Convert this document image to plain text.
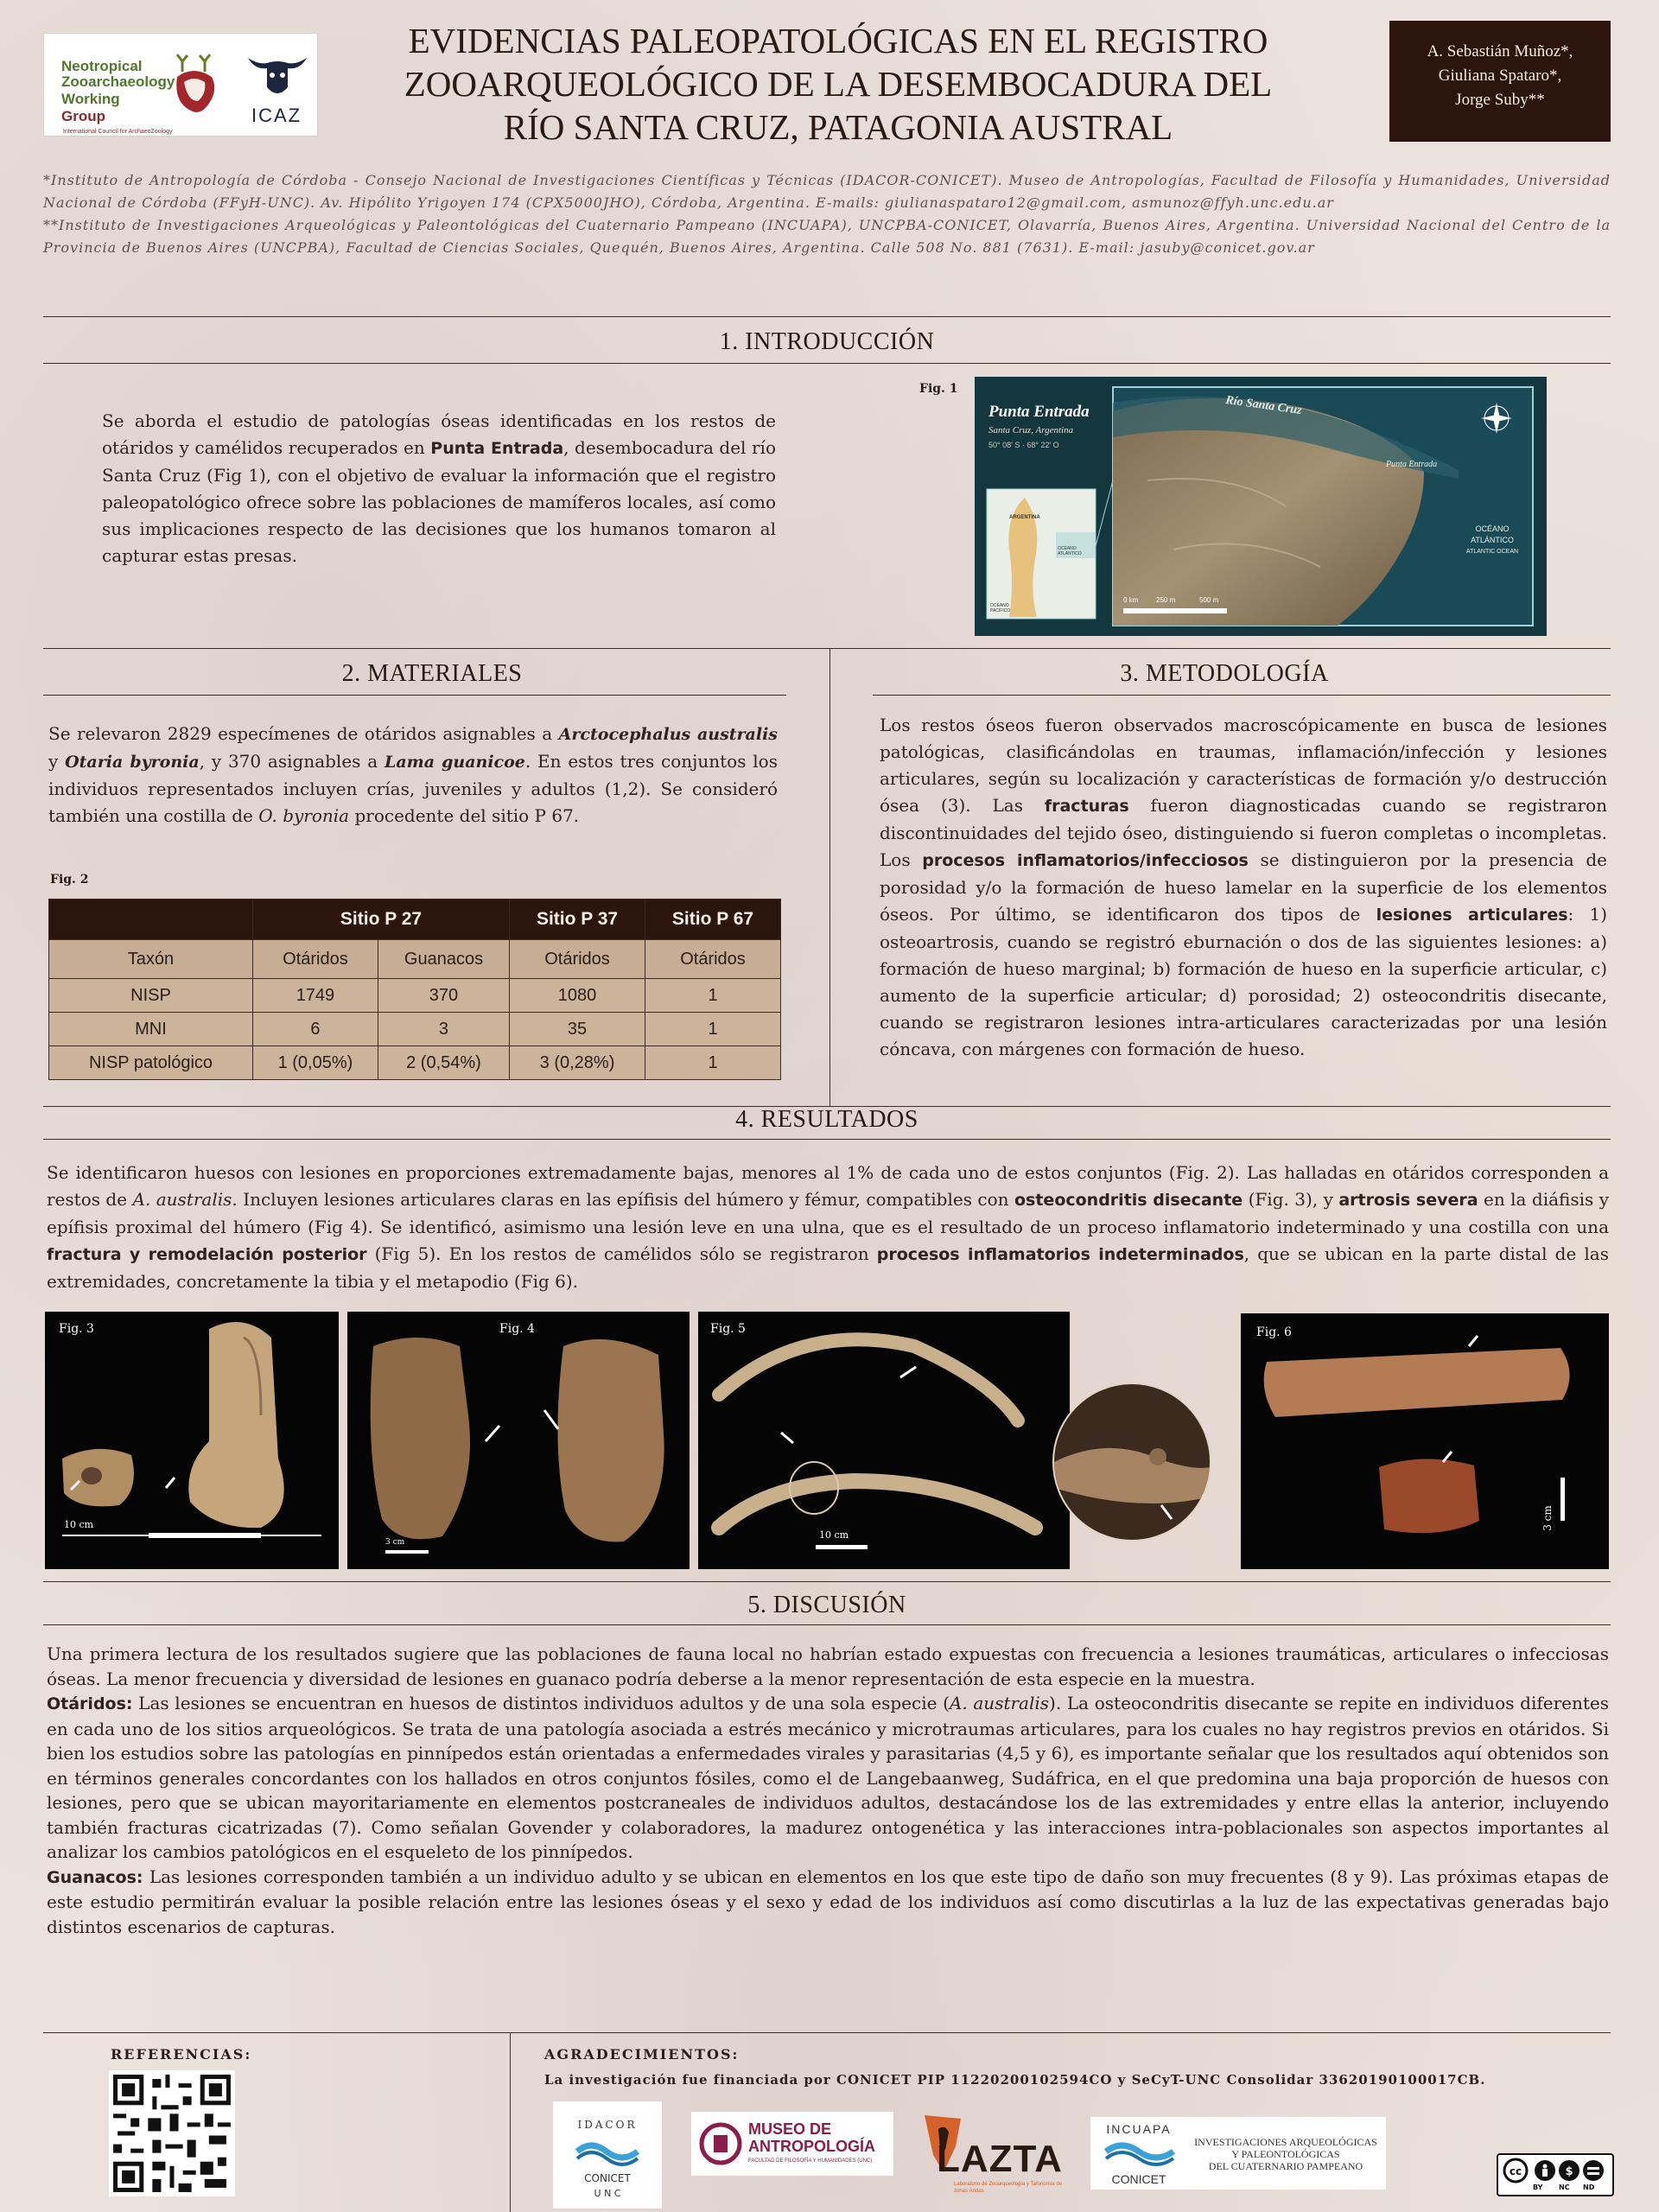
Neotropical
Zooarchaeology
Working
Group
International Council for ArchaeoZoology
ICAZ
EVIDENCIAS PALEOPATOLÓGICAS EN EL REGISTRO
ZOOARQUEOLÓGICO DE LA DESEMBOCADURA DEL
RÍO SANTA CRUZ, PATAGONIA AUSTRAL
A. Sebastián Muñoz*,
Giuliana Spataro*,
Jorge Suby**
*Instituto de Antropología de Córdoba - Consejo Nacional de Investigaciones Científicas y Técnicas (IDACOR-CONICET). Museo de Antropologías, Facultad de Filosofía y Humanidades, Universidad Nacional de Córdoba (FFyH-UNC). Av. Hipólito Yrigoyen 174 (CPX5000JHO), Córdoba, Argentina. E-mails: giulianaspataro12@gmail.com, asmunoz@ffyh.unc.edu.ar
**Instituto de Investigaciones Arqueológicas y Paleontológicas del Cuaternario Pampeano (INCUAPA), UNCPBA-CONICET, Olavarría, Buenos Aires, Argentina. Universidad Nacional del Centro de la Provincia de Buenos Aires (UNCPBA), Facultad de Ciencias Sociales, Quequén, Buenos Aires, Argentina. Calle 508 No. 881 (7631). E-mail: jasuby@conicet.gov.ar
1. INTRODUCCIÓN
Se aborda el estudio de patologías óseas identificadas en los restos de otáridos y camélidos recuperados en Punta Entrada, desembocadura del río Santa Cruz (Fig 1), con el objetivo de evaluar la información que el registro paleopatológico ofrece sobre las poblaciones de mamíferos locales, así como sus implicaciones respecto de las decisiones que los humanos tomaron al capturar estas presas.
Fig. 1
Punta Entrada
Santa Cruz, Argentina
50° 08' S · 68° 22' O
Río Santa Cruz
Punta Entrada
OCÉANO
ATLÁNTICO
ATLANTIC OCEAN
ARGENTINA
OCÉANO PACÍFICO
OCÉANO ATLÁNTICO
0 km	250 m	500 m
2. MATERIALES
Se relevaron 2829 especímenes de otáridos asignables a Arctocephalus australis y Otaria byronia, y 370 asignables a Lama guanicoe. En estos tres conjuntos los individuos representados incluyen crías, juveniles y adultos (1,2). Se consideró también una costilla de O. byronia procedente del sitio P 67.
Fig. 2
	Sitio P 27		Sitio P 37	Sitio P 67
Taxón	Otáridos	Guanacos	Otáridos	Otáridos
NISP	1749	370	1080	1
MNI	6	3	35	1
NISP patológico	1 (0,05%)	2 (0,54%)	3 (0,28%)	1
3. METODOLOGÍA
Los restos óseos fueron observados macroscópicamente en busca de lesiones patológicas, clasificándolas en traumas, inflamación/infección y lesiones articulares, según su localización y características de formación y/o destrucción ósea (3). Las fracturas fueron diagnosticadas cuando se registraron discontinuidades del tejido óseo, distinguiendo si fueron completas o incompletas. Los procesos inflamatorios/infecciosos se distinguieron por la presencia de porosidad y/o la formación de hueso lamelar en la superficie de los elementos óseos. Por último, se identificaron dos tipos de lesiones articulares: 1) osteoartrosis, cuando se registró eburnación o dos de las siguientes lesiones: a) formación de hueso marginal; b) formación de hueso en la superficie articular, c) aumento de la superficie articular; d) porosidad; 2) osteocondritis disecante, cuando se registraron lesiones intra-articulares caracterizadas por una lesión cóncava, con márgenes con formación de hueso.
4. RESULTADOS
Se identificaron huesos con lesiones en proporciones extremadamente bajas, menores al 1% de cada uno de estos conjuntos (Fig. 2). Las halladas en otáridos corresponden a restos de A. australis. Incluyen lesiones articulares claras en las epífisis del húmero y fémur, compatibles con osteocondritis disecante (Fig. 3), y artrosis severa en la diáfisis y epífisis proximal del húmero (Fig 4). Se identificó, asimismo una lesión leve en una ulna, que es el resultado de un proceso inflamatorio indeterminado y una costilla con una fractura y remodelación posterior (Fig 5). En los restos de camélidos sólo se registraron procesos inflamatorios indeterminados, que se ubican en la parte distal de las extremidades, concretamente la tibia y el metapodio (Fig 6).
Fig. 3
10 cm
Fig. 4
3 cm
Fig. 5
10 cm
Fig. 6
3 cm
5. DISCUSIÓN
Una primera lectura de los resultados sugiere que las poblaciones de fauna local no habrían estado expuestas con frecuencia a lesiones traumáticas, articulares o infecciosas óseas. La menor frecuencia y diversidad de lesiones en guanaco podría deberse a la menor representación de esta especie en la muestra.
Otáridos: Las lesiones se encuentran en huesos de distintos individuos adultos y de una sola especie (A. australis). La osteocondritis disecante se repite en individuos diferentes en cada uno de los sitios arqueológicos. Se trata de una patología asociada a estrés mecánico y microtraumas articulares, para los cuales no hay registros previos en otáridos. Si bien los estudios sobre las patologías en pinnípedos están orientadas a enfermedades virales y parasitarias (4,5 y 6), es importante señalar que los resultados aquí obtenidos son en términos generales concordantes con los hallados en otros conjuntos fósiles, como el de Langebaanweg, Sudáfrica, en el que predomina una baja proporción de huesos con lesiones, pero que se ubican mayoritariamente en elementos postcraneales de individuos adultos, destacándose los de las extremidades y entre ellas la anterior, incluyendo también fracturas cicatrizadas (7). Como señalan Govender y colaboradores, la madurez ontogenética y las interacciones intra-poblacionales son aspectos importantes al analizar los cambios patológicos en el esqueleto de los pinnípedos.
Guanacos: Las lesiones corresponden también a un individuo adulto y se ubican en elementos en los que este tipo de daño son muy frecuentes (8 y 9). Las próximas etapas de este estudio permitirán evaluar la posible relación entre las lesiones óseas y el sexo y edad de los individuos así como discutirlas a la luz de las expectativas generadas bajo distintos escenarios de capturas.
REFERENCIAS:	AGRADECIMIENTOS:
La investigación fue financiada por CONICET PIP 11220200102594CO y SeCyT-UNC Consolidar 33620190100017CB.
IDACOR
CONICET
U N C
MUSEO DE
ANTROPOLOGÍA
FACULTAD DE FILOSOFÍA Y HUMANIDADES (UNC) LAZTA
Laboratorio de Zooarqueología y Tafonomía de zonas Áridas
INCUAPA
CONICET
INVESTIGACIONES ARQUEOLÓGICAS
Y PALEONTOLÓGICAS
DEL CUATERNARIO PAMPEANO	cc	$
BY NC ND
